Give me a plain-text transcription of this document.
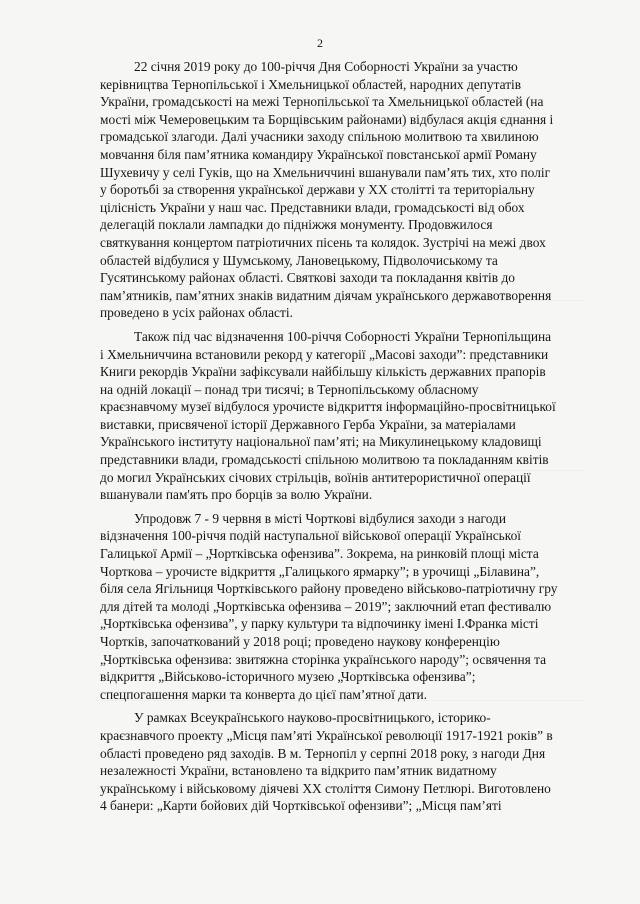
2

22 січня 2019 року до 100-річчя Дня Соборності України за участю
керівництва Тернопільської і Хмельницької областей, народних депутатів
України, громадськості на межі Тернопільської та Хмельницької областей (на
мості між Чемеровецьким та Борщівським районами) відбулася акція єднання і
громадської злагоди. Далі учасники заходу спільною молитвою та хвилиною
мовчання біля пам’ятника командиру Української повстанської армії Роману
Шухевичу у селі Гуків, що на Хмельниччині вшанували пам’ять тих, хто поліг
у боротьбі за створення української держави у ХХ столітті та територіальну
цілісність України у наш час. Представники влади, громадськості від обох
делегацій поклали лампадки до підніжжя монументу. Продовжилося
святкування концертом патріотичних пісень та колядок. Зустрічі на межі двох
областей відбулися у Шумському, Лановецькому, Підволочиському та
Гусятинському районах області. Святкові заходи та покладання квітів до
пам’ятників, пам’ятних знаків видатним діячам українського державотворення
проведено в усіх районах області.

Також під час відзначення 100-річчя Соборності України Тернопільщина
і Хмельниччина встановили рекорд у категорії „Масові заходи”: представники
Книги рекордів України зафіксували найбільшу кількість державних прапорів
на одній локації – понад три тисячі; в Тернопільському обласному
краєзнавчому музеї відбулося урочисте відкриття інформаційно-просвітницької
виставки, присвяченої історії Державного Герба України, за матеріалами
Українського інституту національної пам’яті; на Микулинецькому кладовищі
представники влади, громадськості спільною молитвою та покладанням квітів
до могил Українських січових стрільців, воїнів антитерористичної операції
вшанували пам'ять про борців за волю України.

Упродовж 7 - 9 червня в місті Чорткові відбулися заходи з нагоди
відзначення 100-річчя подій наступальної військової операції Української
Галицької Армії – „Чортківська офензива”. Зокрема, на ринковій площі міста
Чорткова – урочисте відкриття „Галицького ярмарку”; в урочищі „Білавина”,
біля села Ягільниця Чортківського району проведено військово-патріотичну гру
для дітей та молоді „Чортківська офензива – 2019”; заключний етап фестивалю
„Чортківська офензива”, у парку культури та відпочинку імені І.Франка місті
Чортків, започаткований у 2018 році; проведено наукову конференцію
„Чортківська офензива: звитяжна сторінка українського народу”; освячення та
відкриття „Військово-історичного музею „Чортківська офензива”;
спецпогашення марки та конверта до цієї пам’ятної дати.

У рамках Всеукраїнського науково-просвітницького, історико-
краєзнавчого проекту „Місця пам’яті Української революції 1917-1921 років” в
області проведено ряд заходів. В м. Тернопіл у серпні 2018 року, з нагоди Дня
незалежності України, встановлено та відкрито пам’ятник видатному
українському і військовому діячеві ХХ століття Симону Петлюрі. Виготовлено
4 банери: „Карти бойових дій Чортківської офензиви”; „Місця пам’яті
